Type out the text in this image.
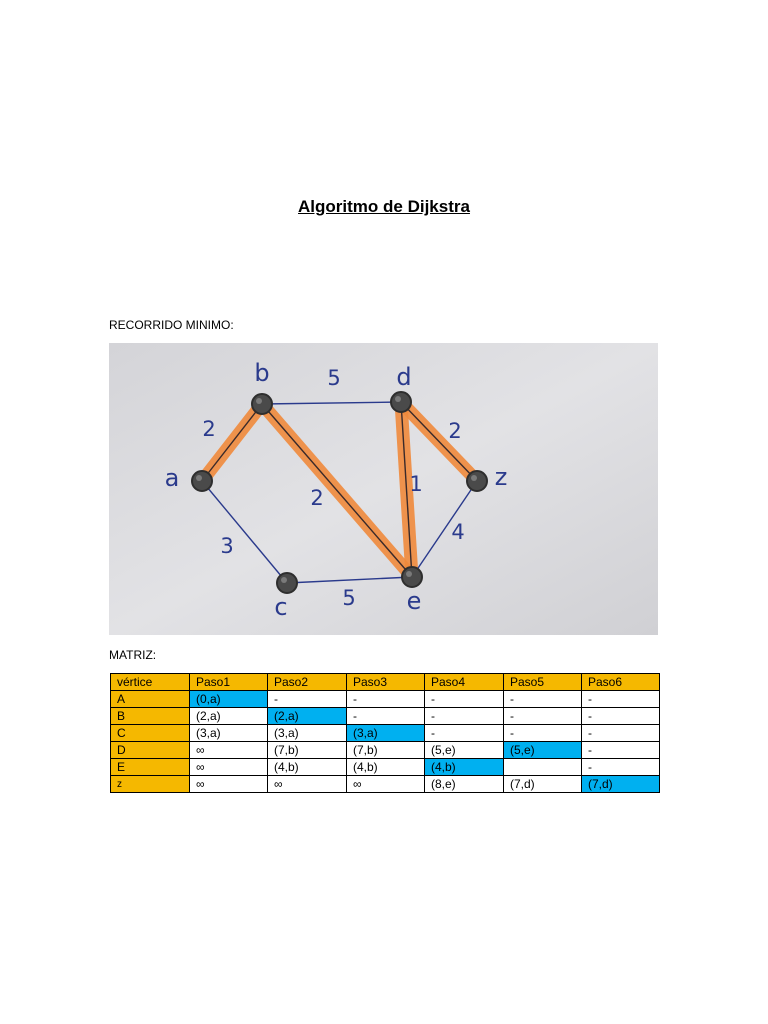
Algoritmo de Dijkstra
RECORRIDO MINIMO:
2
3
5
2
5
1
2
4
a
b
c
d
e
z
MATRIZ:
vértice	Paso1	Paso2	Paso3	Paso4	Paso5	Paso6
A	(0,a)	-	-	-	-	-
B	(2,a)	(2,a)	-	-	-	-
C	(3,a)	(3,a)	(3,a)	-	-	-
D	∞	(7,b)	(7,b)	(5,e)	(5,e)	-
E	∞	(4,b)	(4,b)	(4,b)		-
z	∞	∞	∞	(8,e)	(7,d)	(7,d)
